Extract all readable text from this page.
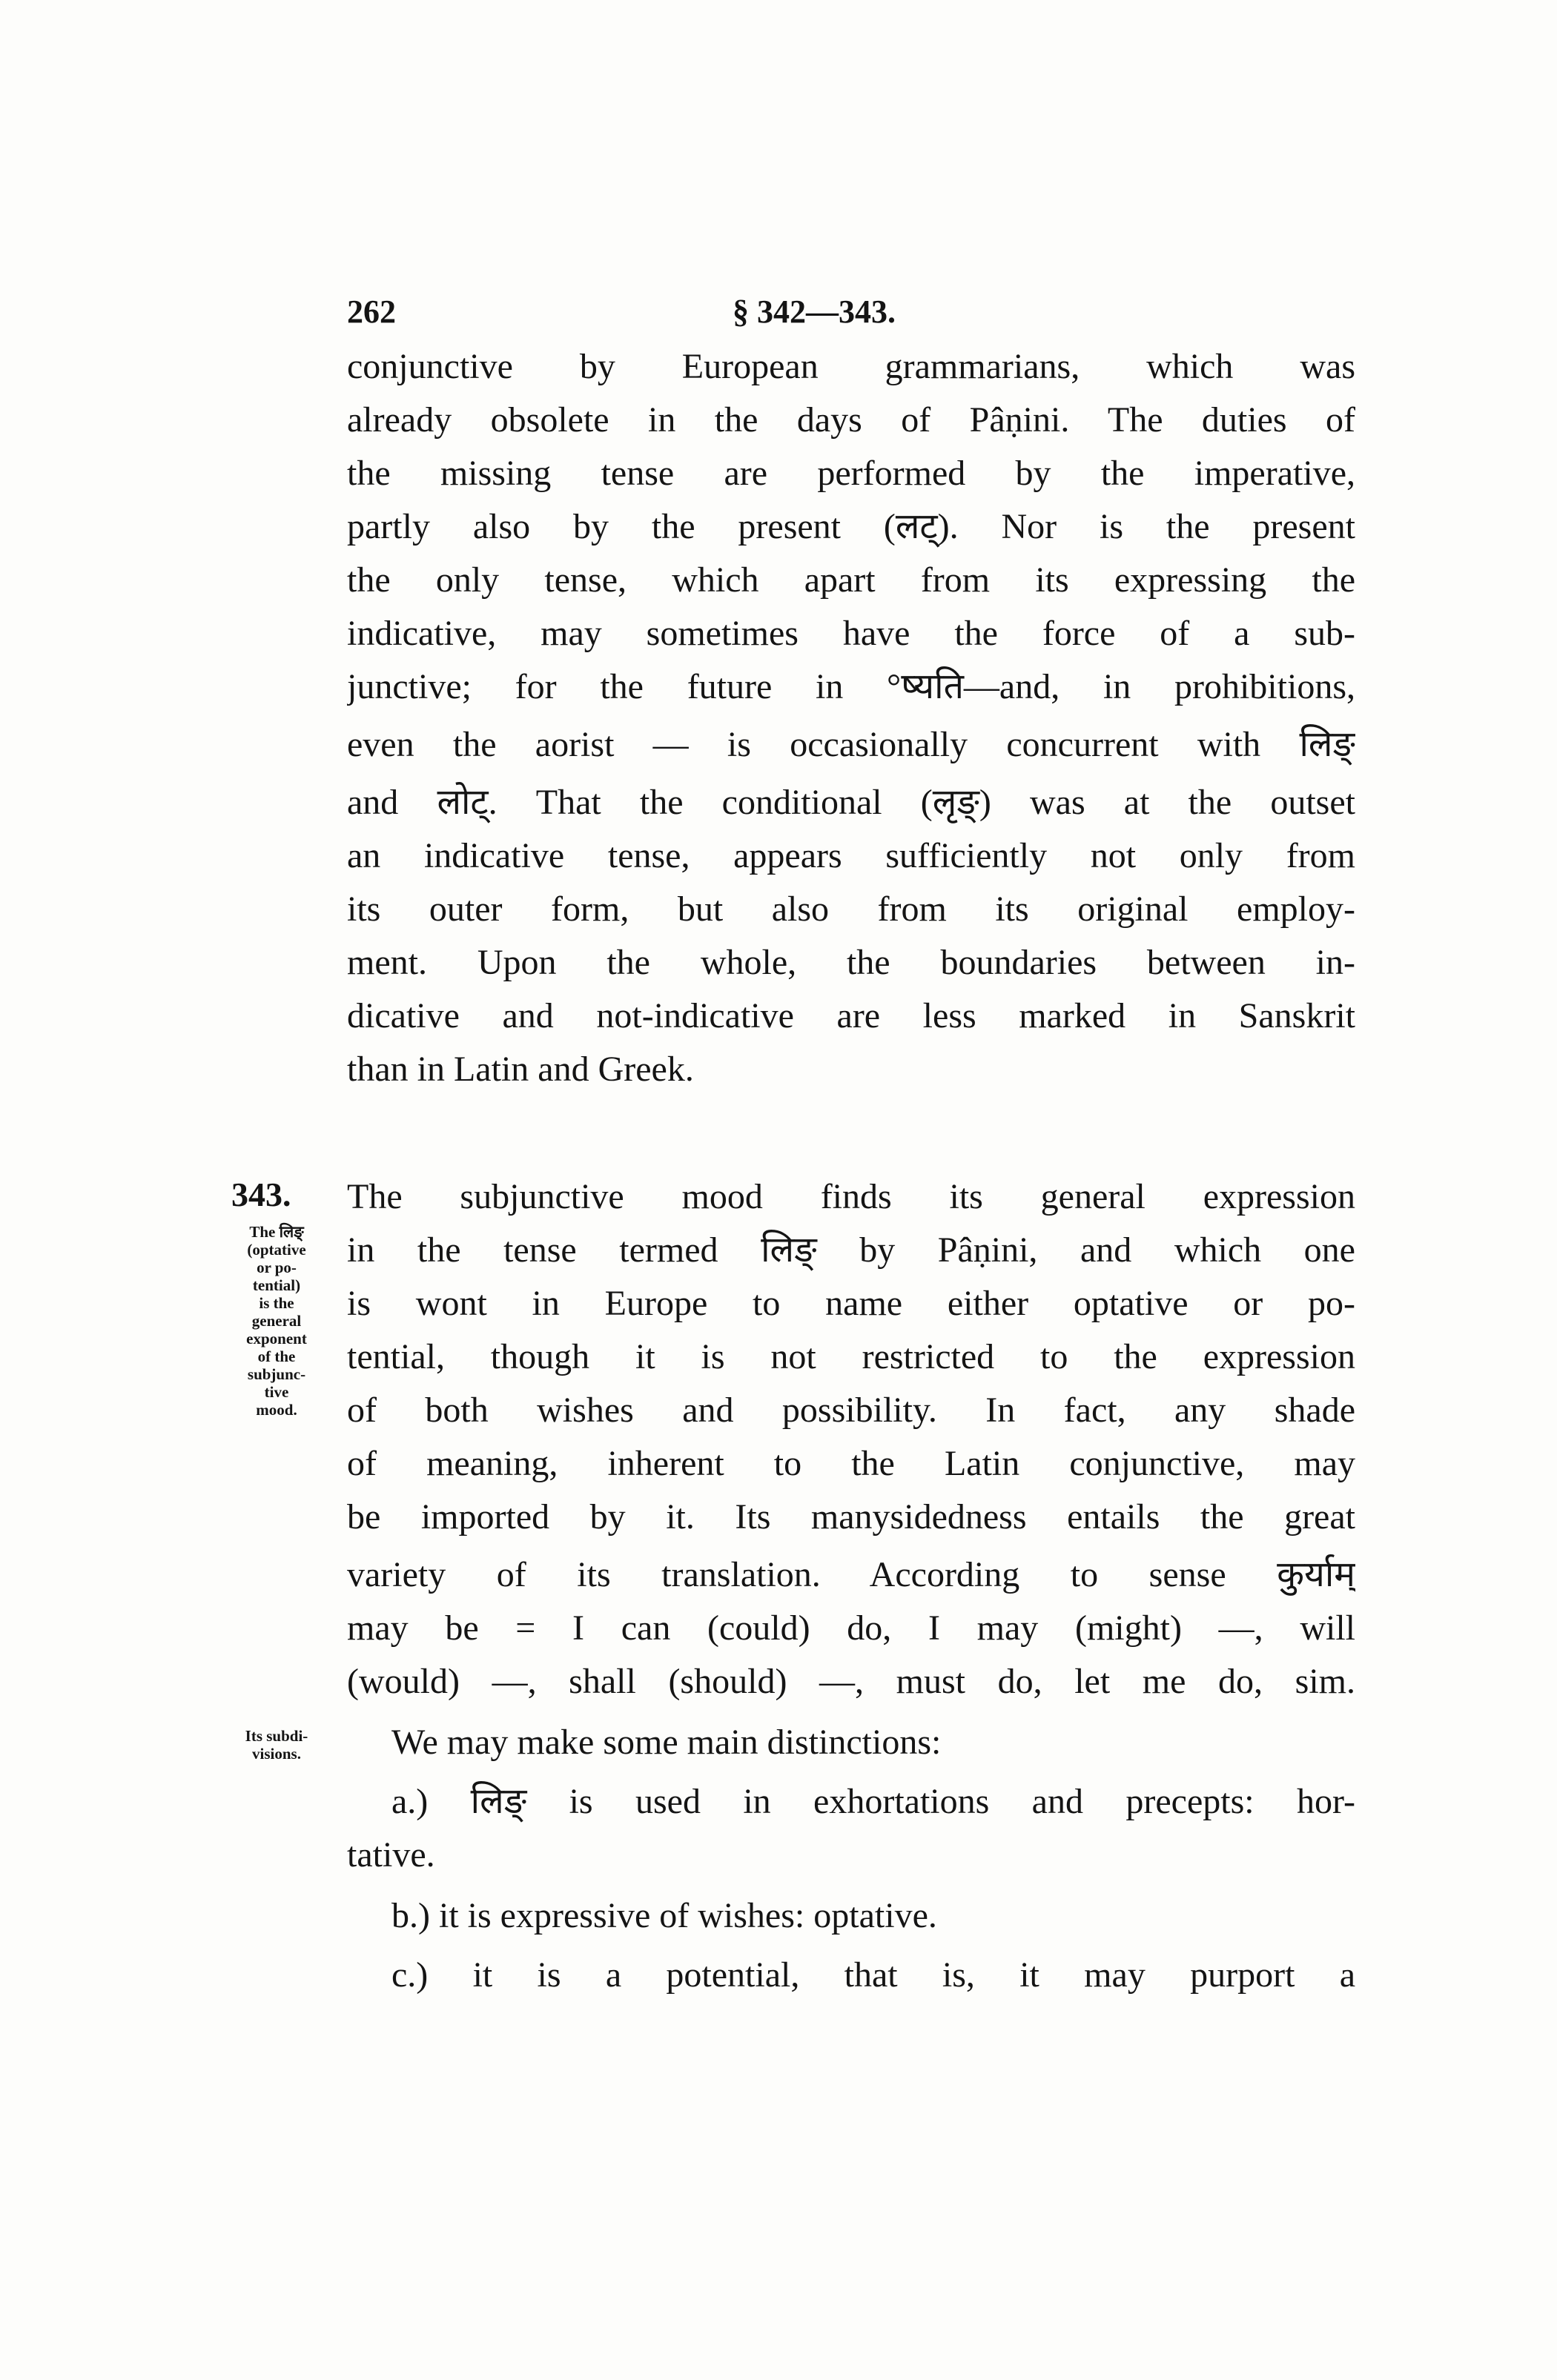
262	§ 342—343.
343.
The लिङ्
(optative
or po-
tential)
is the
general
exponent
of the
subjunc-
tive
mood.
Its subdi-
visions.
conjunctive by European grammarians, which was
already obsolete in the days of Pâṇini. The duties of
the missing tense are performed by the imperative,
partly also by the present (लट्). Nor is the present
the only tense, which apart from its expressing the
indicative, may sometimes have the force of a sub-
junctive; for the future in °ष्यति—and, in prohibitions,
even the aorist — is occasionally concurrent with लिङ्
and लोट्. That the conditional (लृङ्) was at the outset
an indicative tense, appears sufficiently not only from
its outer form, but also from its original employ-
ment. Upon the whole, the boundaries between in-
dicative and not-indicative are less marked in Sanskrit
than in Latin and Greek.
The subjunctive mood finds its general expression
in the tense termed लिङ् by Pâṇini, and which one
is wont in Europe to name either optative or po-
tential, though it is not restricted to the expression
of both wishes and possibility. In fact, any shade
of meaning, inherent to the Latin conjunctive, may
be imported by it. Its manysidedness entails the great
variety of its translation. According to sense कुर्याम्
may be = I can (could) do, I may (might) —, will
(would) —, shall (should) —, must do, let me do, sim.
We may make some main distinctions:
a.) लिङ् is used in exhortations and precepts: hor-
tative.
b.) it is expressive of wishes: optative.
c.) it is a potential, that is, it may purport a
